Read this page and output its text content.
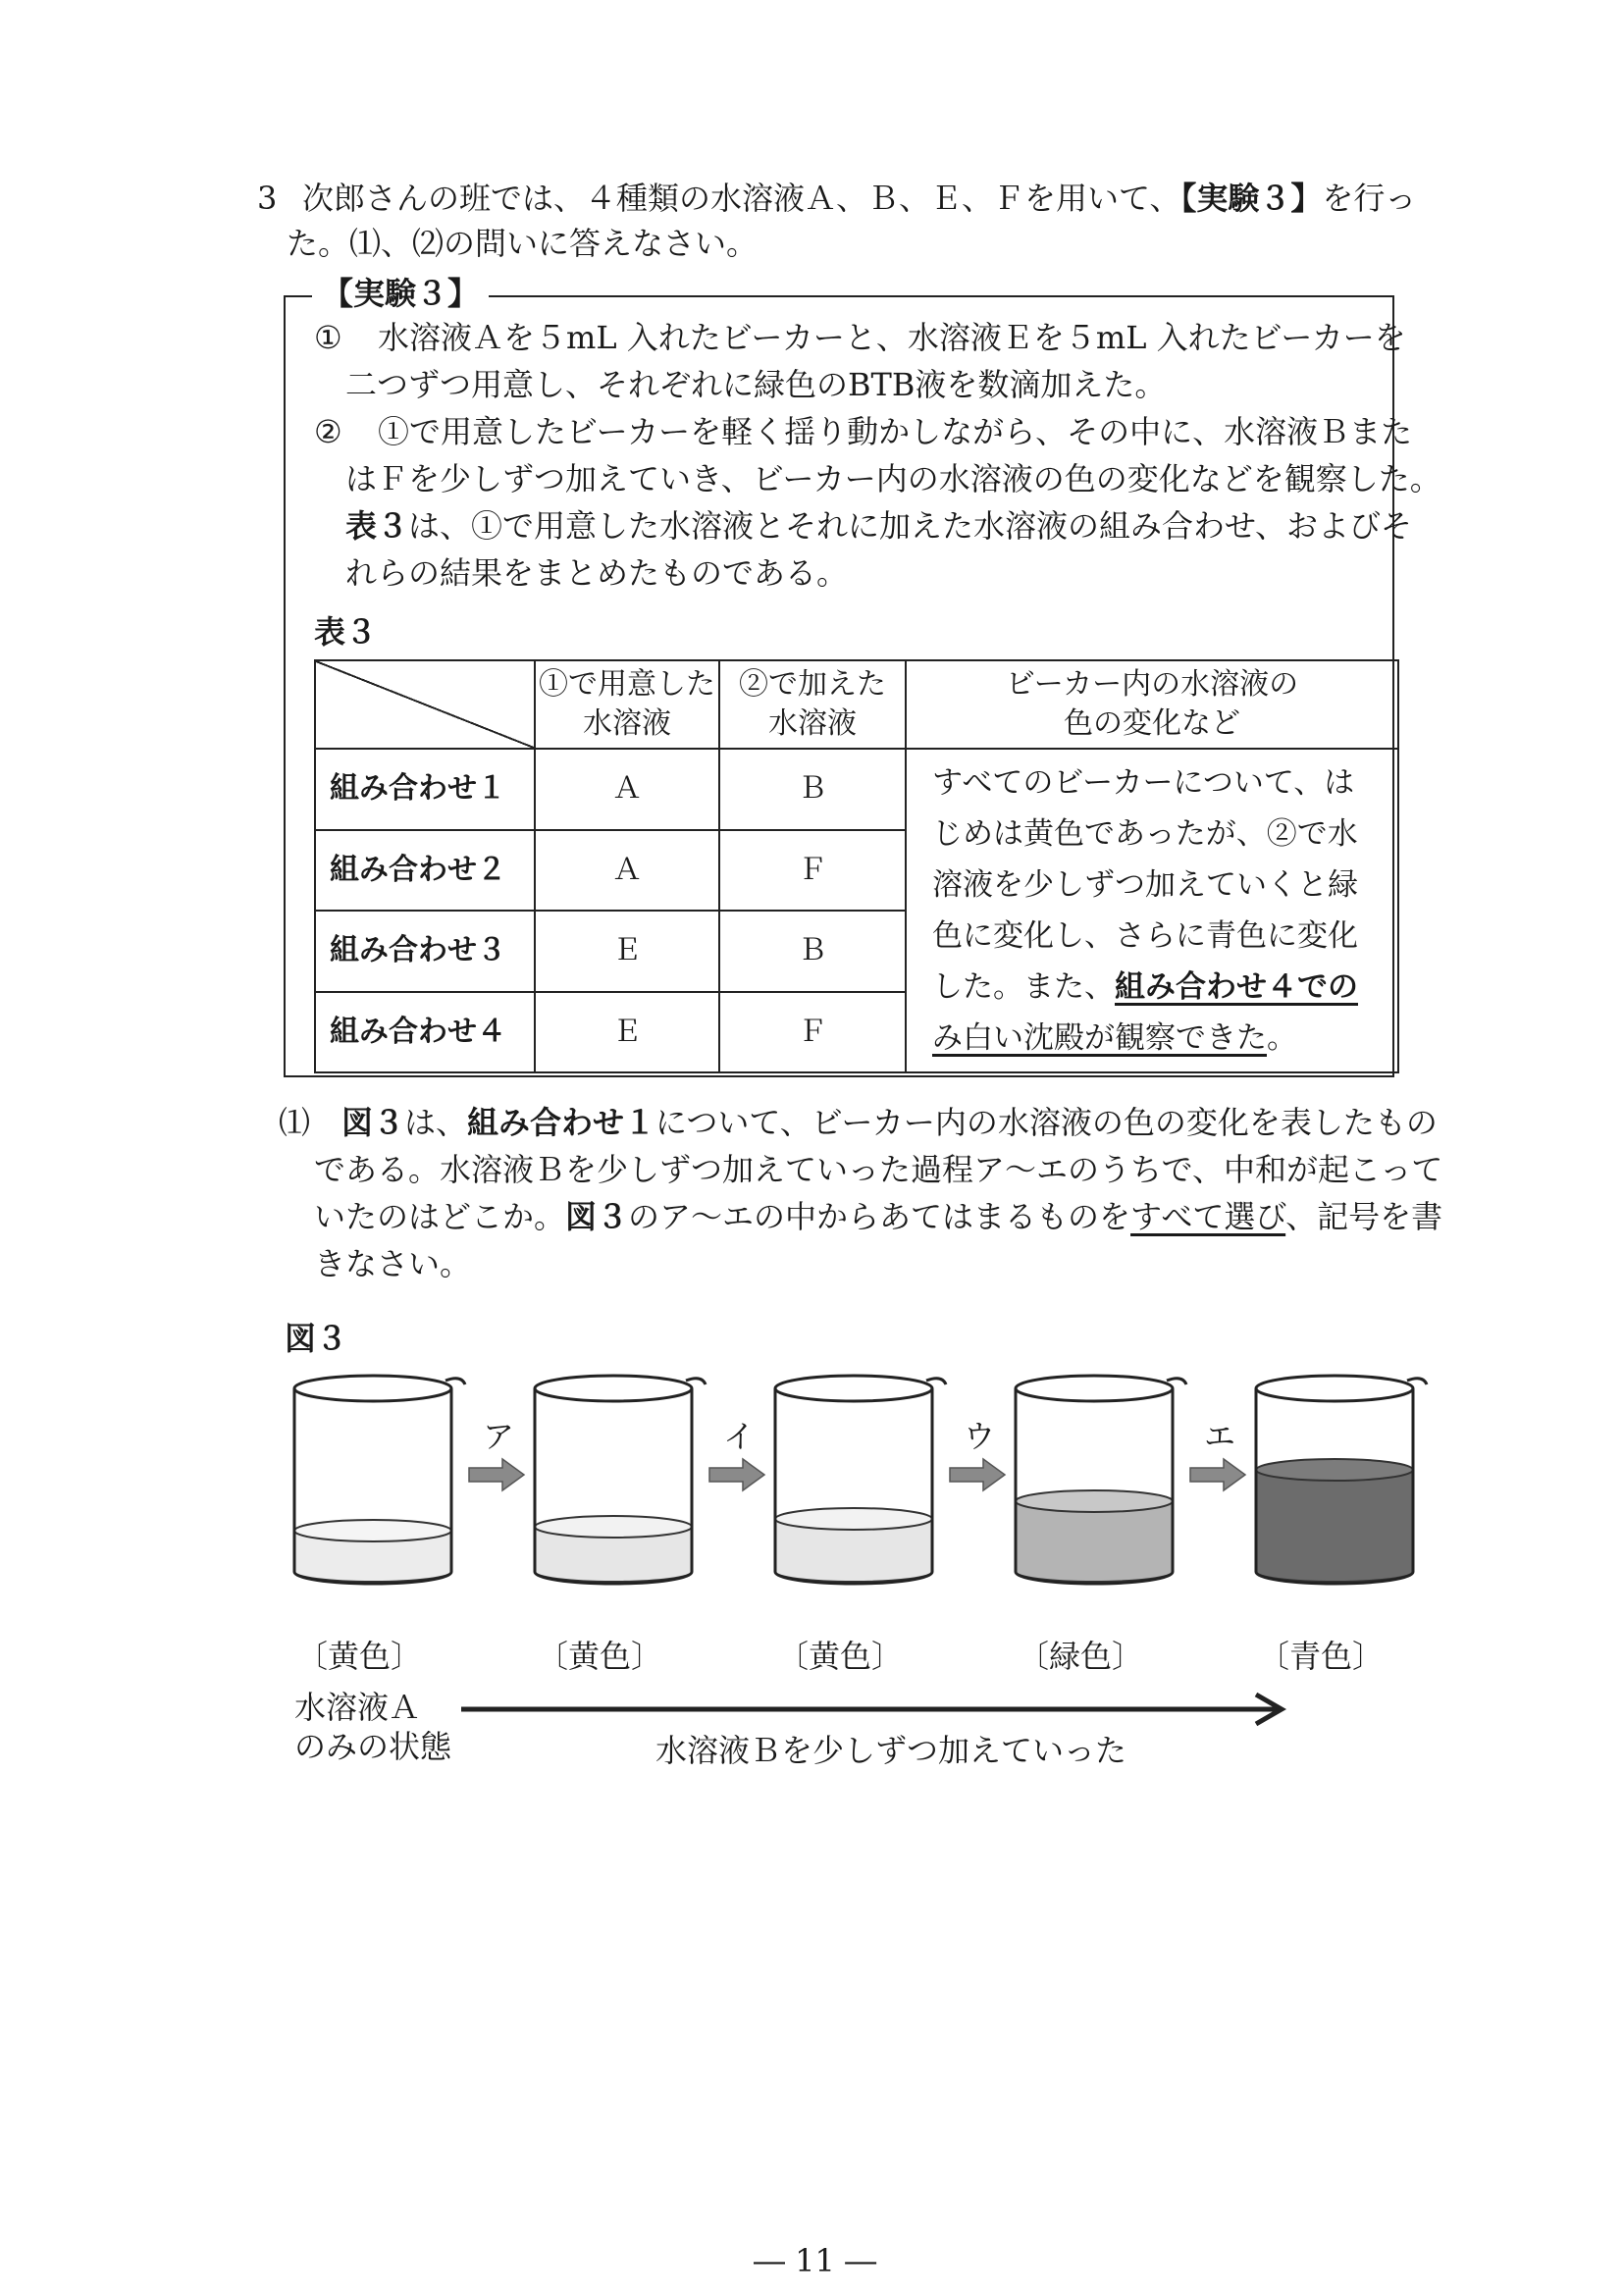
3 次郎さんの班では、４種類の水溶液Ａ、Ｂ、Ｅ、Ｆを用いて、【実験３】を行っ
た。⑴、⑵の問いに答えなさい。
【実験３】
① 水溶液Ａを５mL 入れたビーカーと、水溶液Ｅを５mL 入れたビーカーを
二つずつ用意し、それぞれに緑色のBTB液を数滴加えた。
② ①で用意したビーカーを軽く揺り動かしながら、その中に、水溶液Ｂまた
はＦを少しずつ加えていき、ビーカー内の水溶液の色の変化などを観察した。
表３は、①で用意した水溶液とそれに加えた水溶液の組み合わせ、およびそ
れらの結果をまとめたものである。
表３
	①で用意した
水溶液	②で加えた
水溶液	ビーカー内の水溶液の
色の変化など
組み合わせ１	Ａ	Ｂ	すべてのビーカーについて、はじめは黄色であったが、②で水溶液を少しずつ加えていくと緑色に変化し、さらに青色に変化した。また、組み合わせ４でのみ白い沈殿が観察できた。
組み合わせ２	Ａ	Ｆ	
組み合わせ３	Ｅ	Ｂ	
組み合わせ４	Ｅ	Ｆ	
⑴ 図３は、組み合わせ１について、ビーカー内の水溶液の色の変化を表したもの
である。水溶液Ｂを少しずつ加えていった過程ア～エのうちで、中和が起こって
いたのはどこか。図３のア～エの中からあてはまるものをすべて選び、記号を書
きなさい。
図３
ア	イ	ウ	エ
〔黄色〕	〔黄色〕	〔黄色〕	〔緑色〕	〔青色〕
水溶液Ａ
のみの状態	水溶液Ｂを少しずつ加えていった
― 11 ―
